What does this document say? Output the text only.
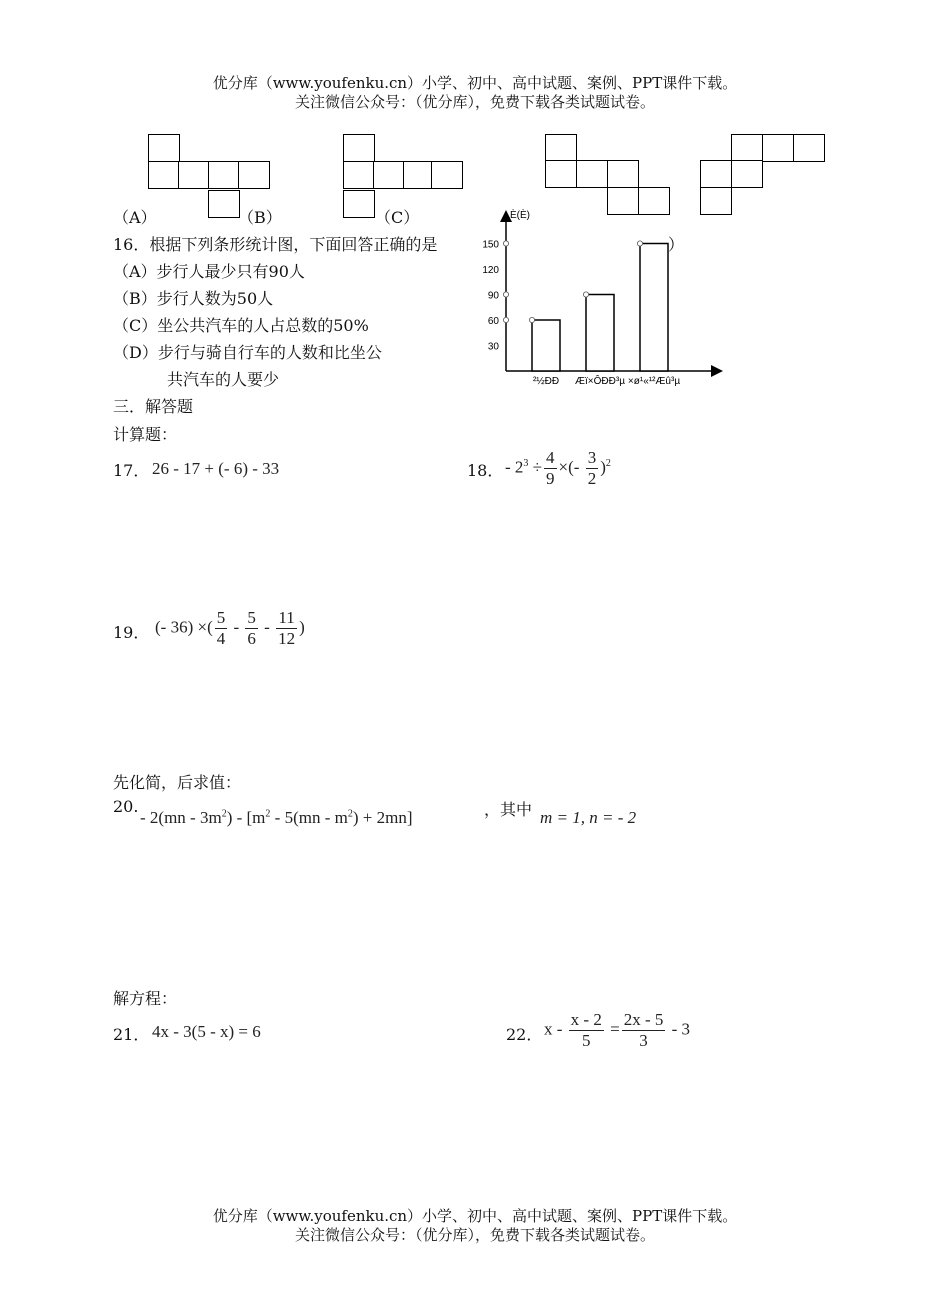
优分库（www.youfenku.cn）小学、初中、高中试题、案例、PPT课件下载。
关注微信公众号：（优分库），免费下载各类试题试卷。
（A）	（B）	（C）
16．根据下列条形统计图，下面回答正确的是	）
（A）步行人最少只有90人
（B）步行人数为50人
（C）坐公共汽车的人占总数的50%
（D）步行与骑自行车的人数和比坐公
共汽车的人要少
È(È)
30
60
90
120
150
²½ÐÐ Æï×ÔÐÐ³µ ×ø¹«¹²Æû³µ
三．解答题
计算题：
17． 26 - 17 + (- 6) - 33	18． - $2^3 \div \frac{4}{9}$ ×(- $\frac{3}{2} )^2$
19． (- 36) ×( $\frac{5}{4} - \frac{5}{6} - \frac{11}{12}$ )
先化简，后求值：
20.
- $2(mn - 3m^2) - [m^2 - 5(mn - m^2) + 2mn]$	，其中 m = 1, n = - 2
解方程：
21． 4x - 3(5 - x) = 6	22． $x - \frac{x - 2}{5} = \frac{2x - 5}{3} - 3$
优分库（www.youfenku.cn）小学、初中、高中试题、案例、PPT课件下载。
关注微信公众号：（优分库），免费下载各类试题试卷。
